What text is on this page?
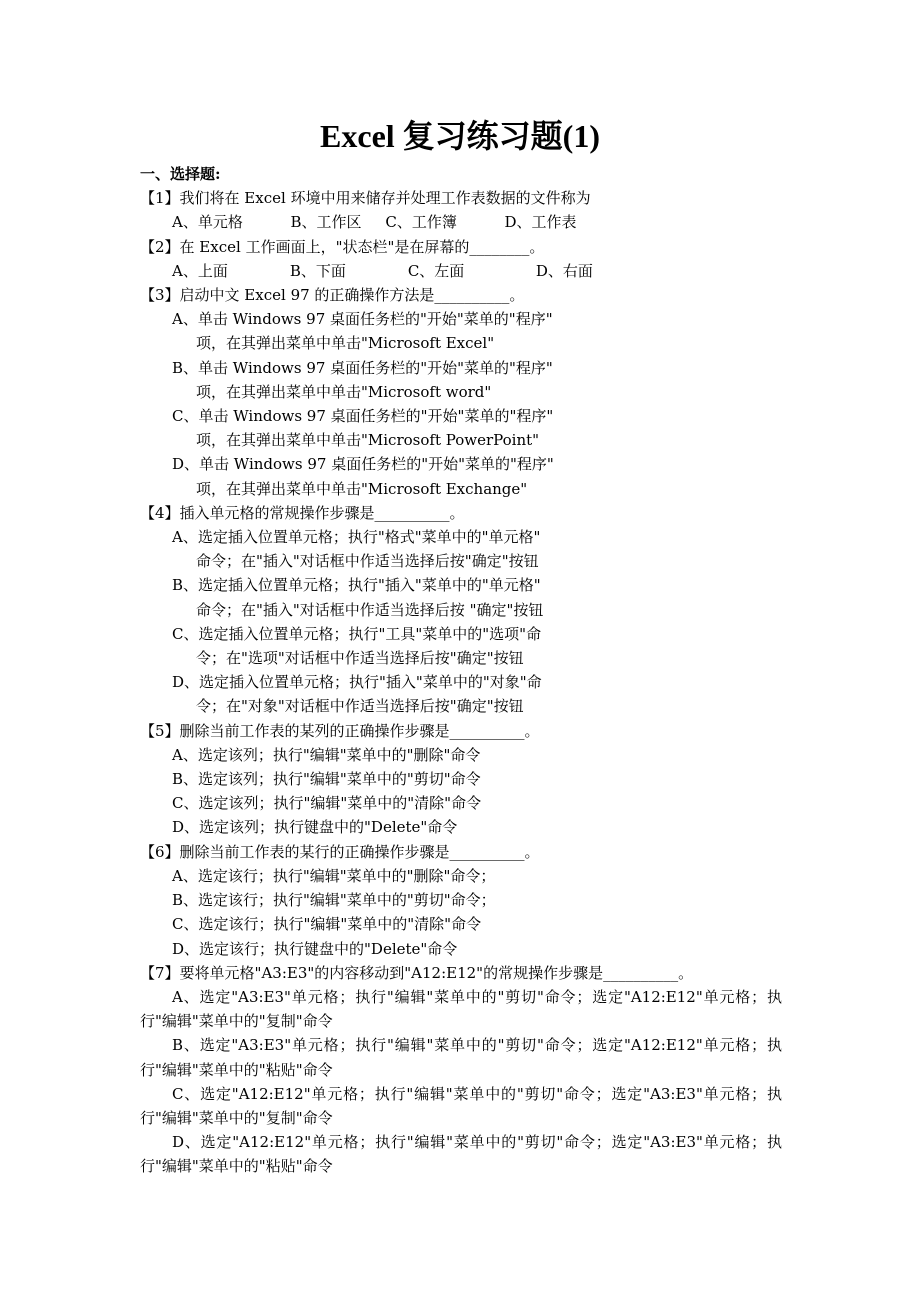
Excel 复习练习题(1)
一、选择题:
【1】我们将在 Excel 环境中用来储存并处理工作表数据的文件称为
A、单元格          B、工作区     C、工作簿          D、工作表
【2】在 Excel 工作画面上，"状态栏"是在屏幕的________。
A、上面             B、下面             C、左面               D、右面
【3】启动中文 Excel 97 的正确操作方法是__________。
A、单击 Windows 97 桌面任务栏的"开始"菜单的"程序"
项，在其弹出菜单中单击"Microsoft Excel"
B、单击 Windows 97 桌面任务栏的"开始"菜单的"程序"
项，在其弹出菜单中单击"Microsoft word"
C、单击 Windows 97 桌面任务栏的"开始"菜单的"程序"
项，在其弹出菜单中单击"Microsoft PowerPoint"
D、单击 Windows 97 桌面任务栏的"开始"菜单的"程序"
项，在其弹出菜单中单击"Microsoft Exchange"
【4】插入单元格的常规操作步骤是__________。
A、选定插入位置单元格；执行"格式"菜单中的"单元格"
命令；在"插入"对话框中作适当选择后按"确定"按钮
B、选定插入位置单元格；执行"插入"菜单中的"单元格"
命令；在"插入"对话框中作适当选择后按 "确定"按钮
C、选定插入位置单元格；执行"工具"菜单中的"选项"命
令；在"选项"对话框中作适当选择后按"确定"按钮
D、选定插入位置单元格；执行"插入"菜单中的"对象"命
令；在"对象"对话框中作适当选择后按"确定"按钮
【5】删除当前工作表的某列的正确操作步骤是__________。
A、选定该列；执行"编辑"菜单中的"删除"命令
B、选定该列；执行"编辑"菜单中的"剪切"命令
C、选定该列；执行"编辑"菜单中的"清除"命令
D、选定该列；执行键盘中的"Delete"命令
【6】删除当前工作表的某行的正确操作步骤是__________。
A、选定该行；执行"编辑"菜单中的"删除"命令；
B、选定该行；执行"编辑"菜单中的"剪切"命令；
C、选定该行；执行"编辑"菜单中的"清除"命令
D、选定该行；执行键盘中的"Delete"命令
【7】要将单元格"A3:E3"的内容移动到"A12:E12"的常规操作步骤是__________。

A、选定"A3:E3"单元格；执行"编辑"菜单中的"剪切"命令；选定"A12:E12"单元格；执行"编辑"菜单中的"复制"命令

B、选定"A3:E3"单元格；执行"编辑"菜单中的"剪切"命令；选定"A12:E12"单元格；执行"编辑"菜单中的"粘贴"命令

C、选定"A12:E12"单元格；执行"编辑"菜单中的"剪切"命令；选定"A3:E3"单元格；执行"编辑"菜单中的"复制"命令

D、选定"A12:E12"单元格；执行"编辑"菜单中的"剪切"命令；选定"A3:E3"单元格；执行"编辑"菜单中的"粘贴"命令
